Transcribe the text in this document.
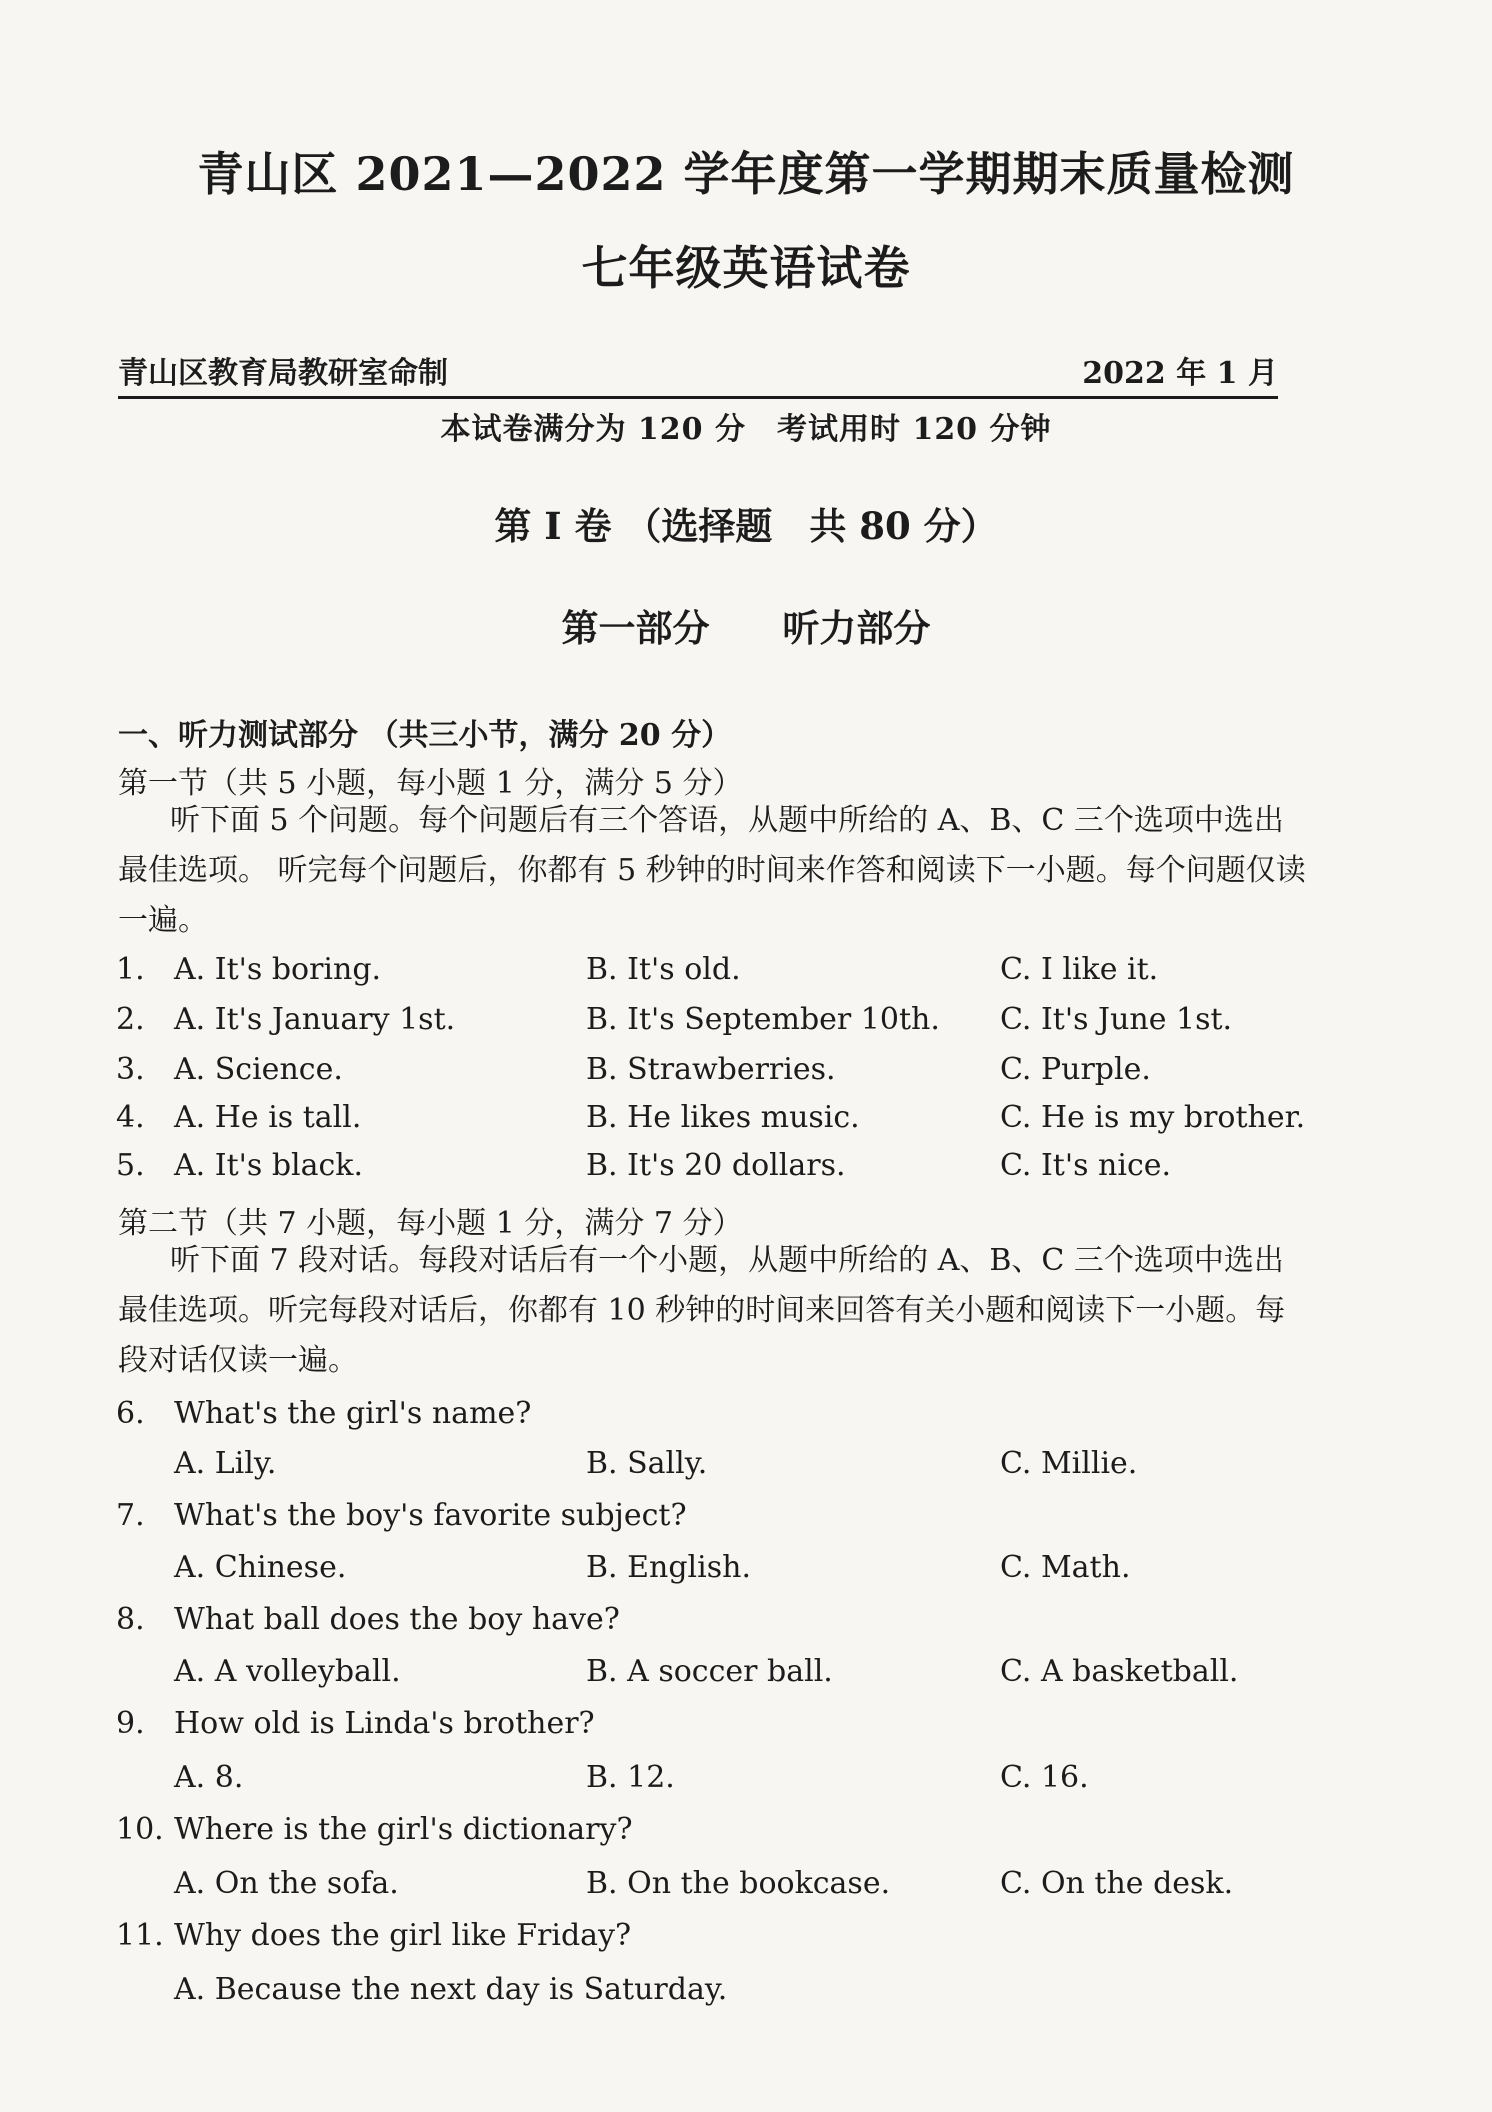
青山区 2021—2022 学年度第一学期期末质量检测
七年级英语试卷
青山区教育局教研室命制	2022 年 1 月
本试卷满分为 120 分　考试用时 120 分钟
第 I 卷 （选择题　共 80 分）
第一部分 听力部分
一、听力测试部分 （共三小节，满分 20 分）
第一节（共 5 小题，每小题 1 分，满分 5 分）
听下面 5 个问题。每个问题后有三个答语，从题中所给的 A、B、C 三个选项中选出最佳选项。 听完每个问题后，你都有 5 秒钟的时间来作答和阅读下一小题。每个问题仅读一遍。
1. A. It's boring.	B. It's old.	C. I like it.
2. A. It's January 1st.	B. It's September 10th. C. It's June 1st.
3. A. Science.	B. Strawberries.	C. Purple.
4. A. He is tall.	B. He likes music.	C. He is my brother.
5. A. It's black.	B. It's 20 dollars.	C. It's nice.
第二节（共 7 小题，每小题 1 分，满分 7 分）
听下面 7 段对话。每段对话后有一个小题，从题中所给的 A、B、C 三个选项中选出最佳选项。听完每段对话后，你都有 10 秒钟的时间来回答有关小题和阅读下一小题。每段对话仅读一遍。
6. What's the girl's name?
A. Lily.	B. Sally.	C. Millie.
7. What's the boy's favorite subject?
A. Chinese.	B. English.	C. Math.
8. What ball does the boy have?
A. A volleyball.	B. A soccer ball.	C. A basketball.
9. How old is Linda's brother?
A. 8.	B. 12.	C. 16.
10. Where is the girl's dictionary?
A. On the sofa.	B. On the bookcase.	C. On the desk.
11. Why does the girl like Friday?
A. Because the next day is Saturday.
